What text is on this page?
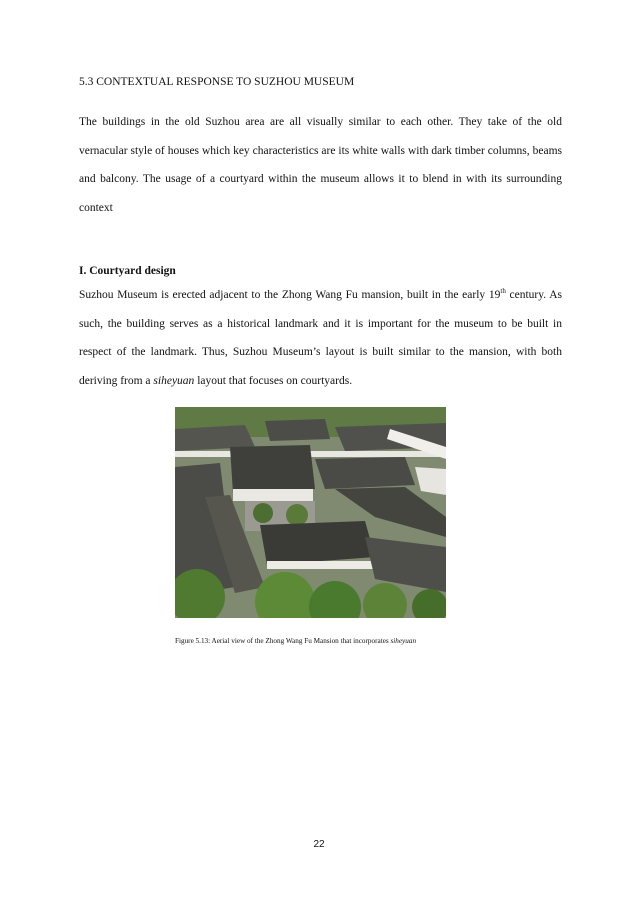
5.3 CONTEXTUAL RESPONSE TO SUZHOU MUSEUM

The buildings in the old Suzhou area are all visually similar to each other. They take of the old vernacular style of houses which key characteristics are its white walls with dark timber columns, beams and balcony. The usage of a courtyard within the museum allows it to blend in with its surrounding context

I. Courtyard design

Suzhou Museum is erected adjacent to the Zhong Wang Fu mansion, built in the early 19th century. As such, the building serves as a historical landmark and it is important for the museum to be built in respect of the landmark. Thus, Suzhou Museum’s layout is built similar to the mansion, with both deriving from a siheyuan layout that focuses on courtyards.

Figure 5.13: Aerial view of the Zhong Wang Fu Mansion that incorporates siheyuan

22
